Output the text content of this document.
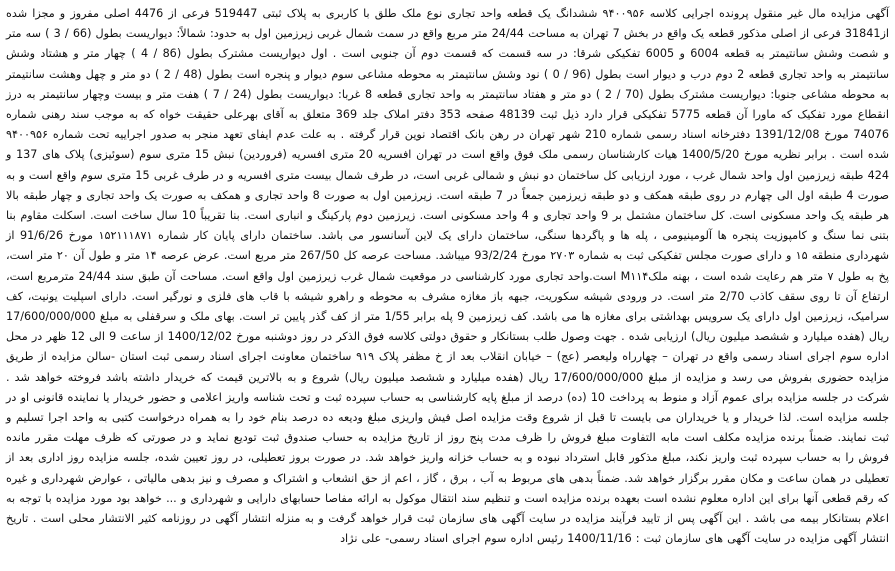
آگهی مزایده مال غیر منقول پرونده اجرایی کلاسه ۹۴۰۰۹۵۶ ششدانگ یک قطعه واحد تجاری نوع ملک طلق با کاربری به پلاک ثبتی 519447 فرعی از 4476 اصلی مفروز و مجزا شده از31841 فرعی از اصلی مذکور قطعه یک واقع در بخش 7 تهران به مساحت 24/44 متر مربع واقع در سمت شمال غربی زیرزمین اول به حدود: شمالاً: دیواریست بطول (66 / 3 ) سه متر و شصت وشش سانتیمتر به قطعه 6004 و 6005 تفکیکی شرقا: در سه قسمت که قسمت دوم آن جنوبی است . اول دیواریست مشترک بطول (86 / 4 ) چهار متر و هشتاد وشش سانتیمتر به واحد تجاری قطعه 2 دوم درب و دیوار است بطول (96 / 0 ) نود وشش سانتیمتر به محوطه مشاعی سوم دیوار و پنجره است بطول (48 / 2 ) دو متر و چهل وهشت سانتیمتر به محوطه مشاعی جنوبا: دیواریست مشترک بطول (70 / 2 ) دو متر و هفتاد سانتیمتر به واحد تجاری قطعه 8 غربا: دیواریست بطول (24 / 7 ) هفت متر و بیست وچهار سانتیمتر به درز انقطاع مورد تفکیک که ماورا آن قطعه 5775 تفکیکی قرار دارد ذیل ثبت 48139 صفحه 353 دفتر املاک جلد 369 متعلق به آقای بهرعلی حقیقت خواه که به موجب سند رهنی شماره 74076 مورخ 1391/12/08 دفترخانه اسناد رسمی شماره 210 شهر تهران در رهن بانک اقتصاد نوین قرار گرفته . به علت عدم ایفای تعهد منجر به صدور اجراییه تحت شماره ۹۴۰۰۹۵۶ شده است . برابر نظریه مورخ 1400/5/20 هیات کارشناسان رسمی ملک فوق واقع است در تهران افسریه 20 متری افسریه (فروردین) نبش 15 متری سوم (سوئیزی) پلاک های 137 و 424 طبقه زیرزمین اول واحد شمال غرب ، مورد ارزیابی کل ساختمان دو نبش و شمالی غربی است، در طرف شمال بیست متری افسریه و در طرف غربی 15 متری سوم واقع است و به صورت 4 طبقه اول الی چهارم در روی طبقه همکف و دو طبقه زیرزمین جمعاً در 7 طبقه است. زیرزمین اول به صورت 8 واحد تجاری و همکف به صورت یک واحد تجاری و چهار طبقه بالا هر طبقه یک واحد مسکونی است. کل ساختمان مشتمل بر 9 واحد تجاری و 4 واحد مسکونی است. زیرزمین دوم پارکینگ و انباری است. بنا تقریباً 10 سال ساخت است. اسکلت مقاوم بنا بتنی نما سنگ و کامپوزیت پنجره ها آلومینیومی ، پله ها و پاگردها سنگی، ساختمان دارای یک لاین آسانسور می باشد. ساختمان دارای پایان کار شماره ۱۵۲۱۱۱۸۷۱ مورخ 91/6/26 از شهرداری منطقه ۱۵ و دارای صورت مجلس تفکیکی ثبت به شماره ۲۷۰۳ مورخ 93/2/24 میباشد. مساحت عرصه کل 267/50 متر مربع است. عرض عرصه ۱۴ متر و طول آن ۲۰ متر است، پخ به طول ۷ متر هم رعایت شده است ، بهنه ملکM۱۱۴ است.واحد تجاری مورد کارشناسی در موقعیت شمال غرب زیرزمین اول واقع است. مساحت آن طبق سند 24/44 مترمربع است، ارتفاع آن تا روی سقف کاذب 2/70 متر است. در ورودی شیشه سکوریت، جبهه باز مغازه مشرف به محوطه و راهرو شیشه با قاب های فلزی و نورگیر است. دارای اسپلیت یونیت، کف سرامیک، زیرزمین اول دارای یک سرویس بهداشتی برای مغازه ها می باشد. کف زیرزمین 9 پله برابر 1/55 متر از کف گذر پایین تر است. بهای ملک و سرقفلی به مبلغ 17/600/000/000 ریال (هفده میلیارد و ششصد میلیون ریال) ارزیابی شده . جهت وصول طلب بستانکار و حقوق دولتی کلاسه فوق الذکر در روز دوشنبه مورخ 1400/12/02 از ساعت 9 الی 12 ظهر در محل اداره سوم اجرای اسناد رسمی واقع در تهران – چهارراه ولیعصر (عج) – خیابان انقلاب بعد از خ مظفر پلاک ۹۱۹ ساختمان معاونت اجرای اسناد رسمی ثبت استان -سالن مزایده از طریق مزایده حضوری بفروش می رسد و مزایده از مبلغ 17/600/000/000 ریال (هفده میلیارد و ششصد میلیون ریال) شروع و به بالاترین قیمت که خریدار داشته باشد فروخته خواهد شد . شرکت در جلسه مزایده برای عموم آزاد و منوط به پرداخت 10 (ده) درصد از مبلغ پایه کارشناسی به حساب سپرده ثبت و تحت شناسه واریز اعلامی و حضور خریدار یا نماینده قانونی او در جلسه مزایده است. لذا خریدار و یا خریداران می بایست تا قبل از شروع وقت مزایده اصل فیش واریزی مبلغ ودیعه ده درصد بنام خود را به همراه درخواست کتبی به واحد اجرا تسلیم و ثبت نمایند. ضمناً برنده مزایده مکلف است مابه التفاوت مبلغ فروش را ظرف مدت پنج روز از تاریخ مزایده به حساب صندوق ثبت تودیع نماید و در صورتی که ظرف مهلت مقرر مانده فروش را به حساب سپرده ثبت واریز نکند، مبلغ مذکور قابل استرداد نبوده و به حساب خزانه واریز خواهد شد. در صورت بروز تعطیلی، در روز تعیین شده، جلسه مزایده روز اداری بعد از تعطیلی در همان ساعت و مکان مقرر برگزار خواهد شد. ضمناً بدهی های مربوط به آب ، برق ، گاز ، اعم از حق انشعاب و اشتراک و مصرف و نیز بدهی مالیاتی ، عوارض شهرداری و غیره که رقم قطعی آنها برای این اداره معلوم نشده است بعهده برنده مزایده است و تنظیم سند انتقال موکول به ارائه مفاصا حسابهای دارایی و شهرداری و ... خواهد بود مورد مزایده با توجه به اعلام بستانکار بیمه می باشد . این آگهی پس از تایید فرآیند مزایده در سایت آگهی های سازمان ثبت قرار خواهد گرفت و به منزله انتشار آگهی در روزنامه کثیر الانتشار محلی است . تاریخ انتشار آگهی مزایده در سایت آگهی های سازمان ثبت : 1400/11/16 رئیس اداره سوم اجرای اسناد رسمی- علی نژاد
